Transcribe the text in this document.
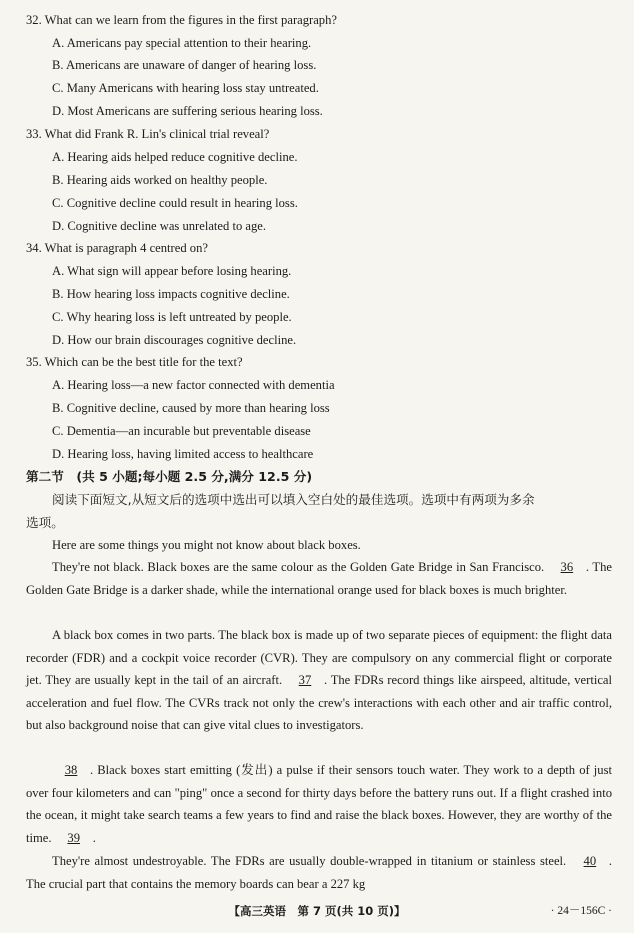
32. What can we learn from the figures in the first paragraph?
A. Americans pay special attention to their hearing.
B. Americans are unaware of danger of hearing loss.
C. Many Americans with hearing loss stay untreated.
D. Most Americans are suffering serious hearing loss.
33. What did Frank R. Lin's clinical trial reveal?
A. Hearing aids helped reduce cognitive decline.
B. Hearing aids worked on healthy people.
C. Cognitive decline could result in hearing loss.
D. Cognitive decline was unrelated to age.
34. What is paragraph 4 centred on?
A. What sign will appear before losing hearing.
B. How hearing loss impacts cognitive decline.
C. Why hearing loss is left untreated by people.
D. How our brain discourages cognitive decline.
35. Which can be the best title for the text?
A. Hearing loss—a new factor connected with dementia
B. Cognitive decline, caused by more than hearing loss
C. Dementia—an incurable but preventable disease
D. Hearing loss, having limited access to healthcare
第二节　(共 5 小题;每小题 2.5 分,满分 12.5 分)
阅读下面短文,从短文后的选项中选出可以填入空白处的最佳选项。选项中有两项为多余
选项。
Here are some things you might not know about black boxes.
They're not black. Black boxes are the same colour as the Golden Gate Bridge in San Francisco. 36 . The Golden Gate Bridge is a darker shade, while the international orange used for black boxes is much brighter.
A black box comes in two parts. The black box is made up of two separate pieces of equipment: the flight data recorder (FDR) and a cockpit voice recorder (CVR). They are compulsory on any commercial flight or corporate jet. They are usually kept in the tail of an aircraft. 37 . The FDRs record things like airspeed, altitude, vertical acceleration and fuel flow. The CVRs track not only the crew's interactions with each other and air traffic control, but also background noise that can give vital clues to investigators.
38 . Black boxes start emitting (发出) a pulse if their sensors touch water. They work to a depth of just over four kilometers and can "ping" once a second for thirty days before the battery runs out. If a flight crashed into the ocean, it might take search teams a few years to find and raise the black boxes. However, they are worthy of the time. 39 .
They're almost undestroyable. The FDRs are usually double-wrapped in titanium or stainless steel. 40 . The crucial part that contains the memory boards can bear a 227 kg
【高三英语　第 7 页(共 10 页)】	· 24－156C ·
